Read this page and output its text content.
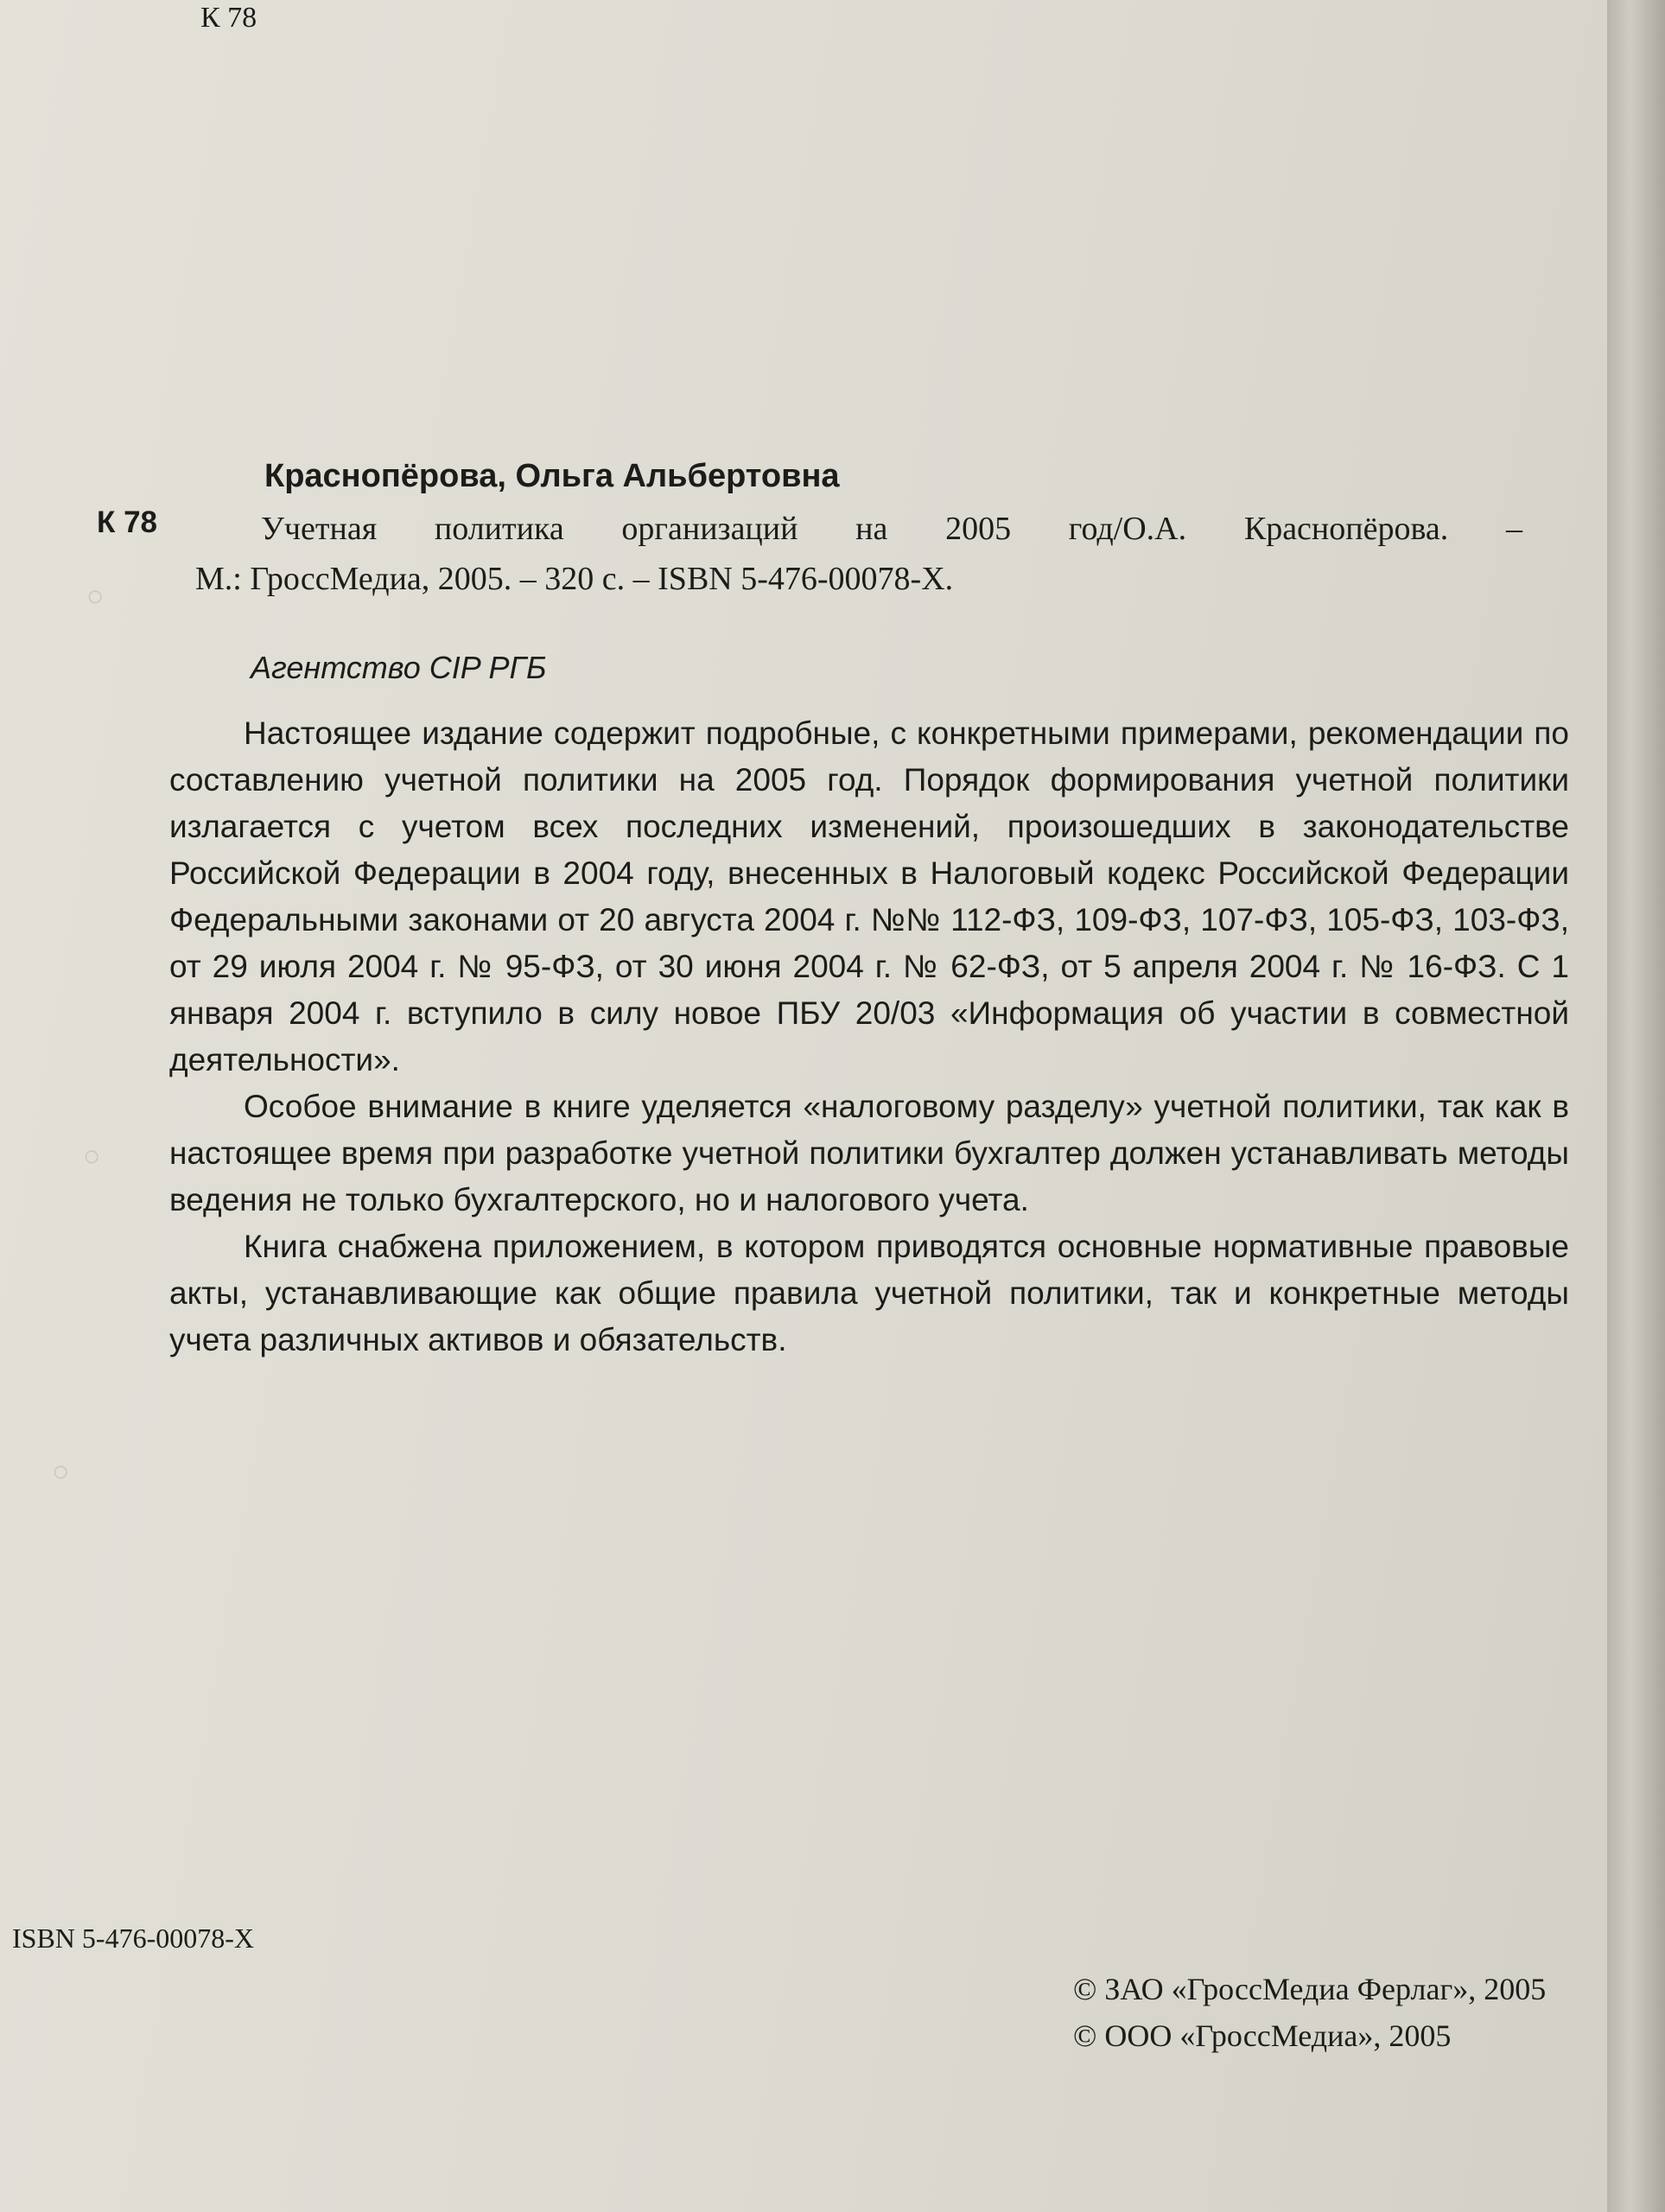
○
○
○

К 78

Краснопёрова, Ольга Альбертовна

К 78	Учетная политика организаций на 2005 год/О.А. Краснопёрова. –

М.: ГроссМедиа, 2005. – 320 с. – ISBN 5-476-00078-Х.

Агентство CIP РГБ

Настоящее издание содержит подробные, с конкретными примерами, рекомендации по составлению учетной политики на 2005 год. Порядок формирования учетной политики излагается с учетом всех последних изменений, произошедших в законодательстве Российской Федерации в 2004 году, внесенных в Налоговый кодекс Российской Федерации Федеральными законами от 20 августа 2004 г. №№ 112-ФЗ, 109-ФЗ, 107-ФЗ, 105-ФЗ, 103-ФЗ, от 29 июля 2004 г. № 95-ФЗ, от 30 июня 2004 г. № 62-ФЗ, от 5 апреля 2004 г. № 16-ФЗ. С 1 января 2004 г. вступило в силу новое ПБУ 20/03 «Информация об участии в совместной деятельности».

Особое внимание в книге уделяется «налоговому разделу» учетной политики, так как в настоящее время при разработке учетной политики бухгалтер должен устанавливать методы ведения не только бухгалтерского, но и налогового учета.

Книга снабжена приложением, в котором приводятся основные нормативные правовые акты, устанавливающие как общие правила учетной политики, так и конкретные методы учета различных активов и обязательств.

ISBN 5-476-00078-Х

© ЗАО «ГроссМедиа Ферлаг», 2005
© ООО «ГроссМедиа», 2005
